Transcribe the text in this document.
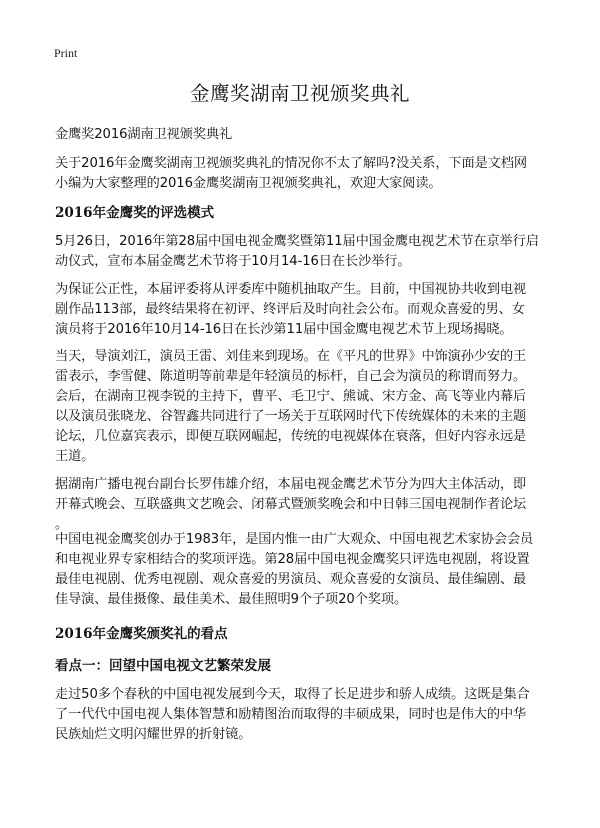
Print
金鹰奖湖南卫视颁奖典礼

金鹰奖2016湖南卫视颁奖典礼

关于2016年金鹰奖湖南卫视颁奖典礼的情况你不太了解吗?没关系，下面是文档网
小编为大家整理的2016金鹰奖湖南卫视颁奖典礼，欢迎大家阅读。

2016年金鹰奖的评选模式

5月26日，2016年第28届中国电视金鹰奖暨第11届中国金鹰电视艺术节在京举行启
动仪式，宣布本届金鹰艺术节将于10月14-16日在长沙举行。

为保证公正性，本届评委将从评委库中随机抽取产生。目前，中国视协共收到电视
剧作品113部，最终结果将在初评、终评后及时向社会公布。而观众喜爱的男、女
演员将于2016年10月14-16日在长沙第11届中国金鹰电视艺术节上现场揭晓。

当天，导演刘江，演员王雷、刘佳来到现场。在《平凡的世界》中饰演孙少安的王
雷表示，李雪健、陈道明等前辈是年轻演员的标杆，自己会为演员的称谓而努力。
会后，在湖南卫视李锐的主持下，曹平、毛卫宁、熊诚、宋方金、高飞等业内幕后
以及演员张晓龙、谷智鑫共同进行了一场关于互联网时代下传统媒体的未来的主题
论坛，几位嘉宾表示，即便互联网崛起，传统的电视媒体在衰落，但好内容永远是
王道。

据湖南广播电视台副台长罗伟雄介绍，本届电视金鹰艺术节分为四大主体活动，即
开幕式晚会、互联盛典文艺晚会、闭幕式暨颁奖晚会和中日韩三国电视制作者论坛
。

中国电视金鹰奖创办于1983年，是国内惟一由广大观众、中国电视艺术家协会会员
和电视业界专家相结合的奖项评选。第28届中国电视金鹰奖只评选电视剧，将设置
最佳电视剧、优秀电视剧、观众喜爱的男演员、观众喜爱的女演员、最佳编剧、最
佳导演、最佳摄像、最佳美术、最佳照明9个子项20个奖项。

2016年金鹰奖颁奖礼的看点
看点一：回望中国电视文艺繁荣发展

走过50多个春秋的中国电视发展到今天，取得了长足进步和骄人成绩。这既是集合
了一代代中国电视人集体智慧和励精图治而取得的丰硕成果，同时也是伟大的中华
民族灿烂文明闪耀世界的折射镜。
